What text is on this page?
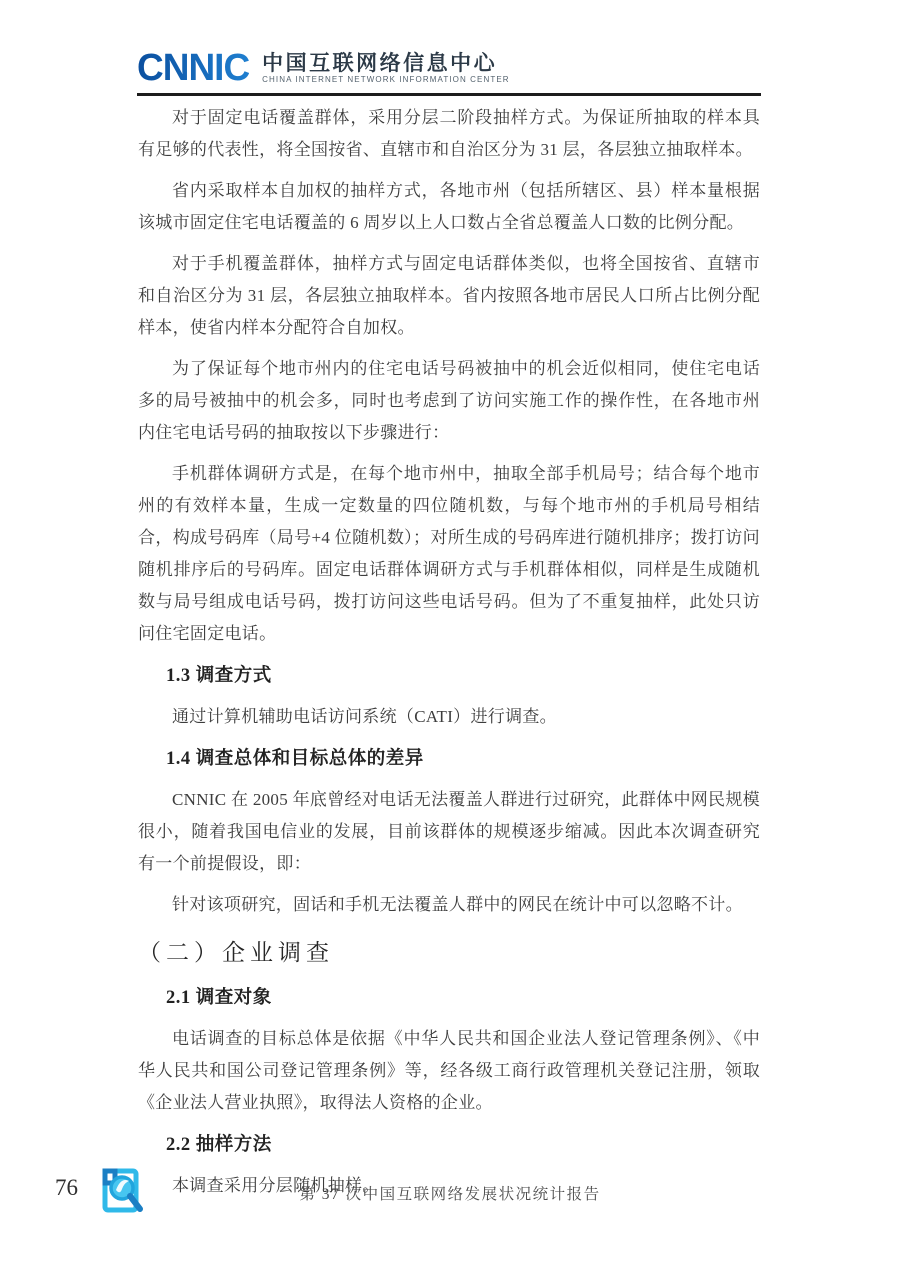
CNNIC 中国互联网络信息中心
CHINA INTERNET NETWORK INFORMATION CENTER

对于固定电话覆盖群体，采用分层二阶段抽样方式。为保证所抽取的样本具有足够的代表性，将全国按省、直辖市和自治区分为 31 层，各层独立抽取样本。

省内采取样本自加权的抽样方式，各地市州（包括所辖区、县）样本量根据该城市固定住宅电话覆盖的 6 周岁以上人口数占全省总覆盖人口数的比例分配。

对于手机覆盖群体，抽样方式与固定电话群体类似，也将全国按省、直辖市和自治区分为 31 层，各层独立抽取样本。省内按照各地市居民人口所占比例分配样本，使省内样本分配符合自加权。

为了保证每个地市州内的住宅电话号码被抽中的机会近似相同，使住宅电话多的局号被抽中的机会多，同时也考虑到了访问实施工作的操作性，在各地市州内住宅电话号码的抽取按以下步骤进行：

手机群体调研方式是，在每个地市州中，抽取全部手机局号；结合每个地市州的有效样本量，生成一定数量的四位随机数，与每个地市州的手机局号相结合，构成号码库（局号+4 位随机数）；对所生成的号码库进行随机排序；拨打访问随机排序后的号码库。固定电话群体调研方式与手机群体相似，同样是生成随机数与局号组成电话号码，拨打访问这些电话号码。但为了不重复抽样，此处只访问住宅固定电话。

1.3 调查方式

通过计算机辅助电话访问系统（CATI）进行调查。

1.4 调查总体和目标总体的差异

CNNIC 在 2005 年底曾经对电话无法覆盖人群进行过研究，此群体中网民规模很小，随着我国电信业的发展，目前该群体的规模逐步缩减。因此本次调查研究有一个前提假设，即：

针对该项研究，固话和手机无法覆盖人群中的网民在统计中可以忽略不计。

（二）企业调查
2.1 调查对象

电话调查的目标总体是依据《中华人民共和国企业法人登记管理条例》、《中华人民共和国公司登记管理条例》等，经各级工商行政管理机关登记注册，领取《企业法人营业执照》，取得法人资格的企业。

2.2 抽样方法

本调查采用分层随机抽样。

76	第 37 次中国互联网络发展状况统计报告
